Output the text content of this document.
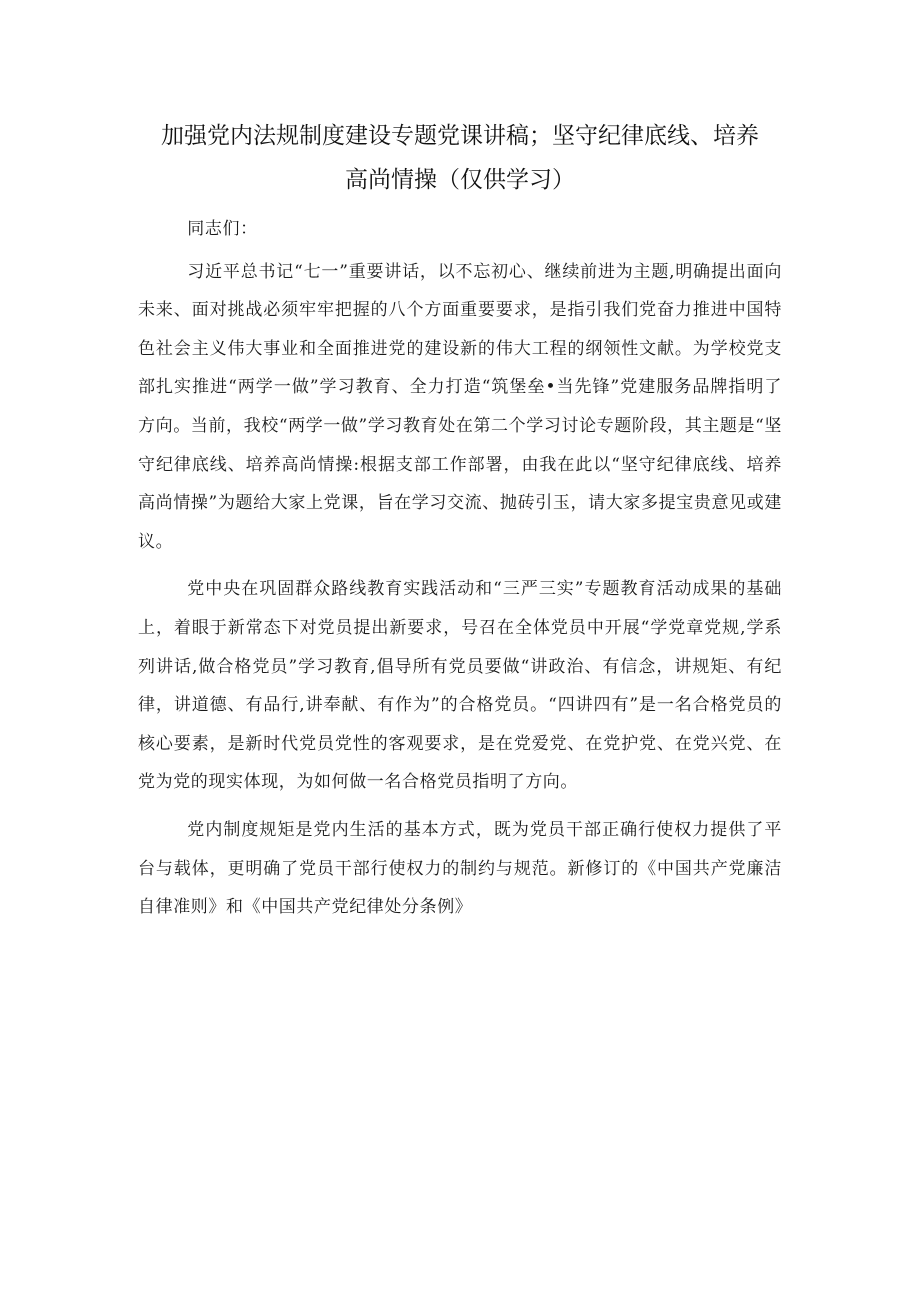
加强党内法规制度建设专题党课讲稿；坚守纪律底线、培养
高尚情操（仅供学习）

同志们：

习近平总书记“七一”重要讲话，以不忘初心、继续前进为主题,明确提出面向未来、面对挑战必须牢牢把握的八个方面重要要求，是指引我们党奋力推进中国特色社会主义伟大事业和全面推进党的建设新的伟大工程的纲领性文献。为学校党支部扎实推进“两学一做”学习教育、全力打造“筑堡垒•当先锋”党建服务品牌指明了方向。当前，我校“两学一做”学习教育处在第二个学习讨论专题阶段，其主题是“坚守纪律底线、培养高尚情操:根据支部工作部署，由我在此以“坚守纪律底线、培养高尚情操”为题给大家上党课，旨在学习交流、抛砖引玉，请大家多提宝贵意见或建议。

党中央在巩固群众路线教育实践活动和“三严三实”专题教育活动成果的基础上，着眼于新常态下对党员提出新要求，号召在全体党员中开展“学党章党规,学系列讲话,做合格党员”学习教育,倡导所有党员要做“讲政治、有信念，讲规矩、有纪律，讲道德、有品行,讲奉献、有作为”的合格党员。“四讲四有”是一名合格党员的核心要素，是新时代党员党性的客观要求，是在党爱党、在党护党、在党兴党、在党为党的现实体现，为如何做一名合格党员指明了方向。

党内制度规矩是党内生活的基本方式，既为党员干部正确行使权力提供了平台与载体，更明确了党员干部行使权力的制约与规范。新修订的《中国共产党廉洁自律准则》和《中国共产党纪律处分条例》
